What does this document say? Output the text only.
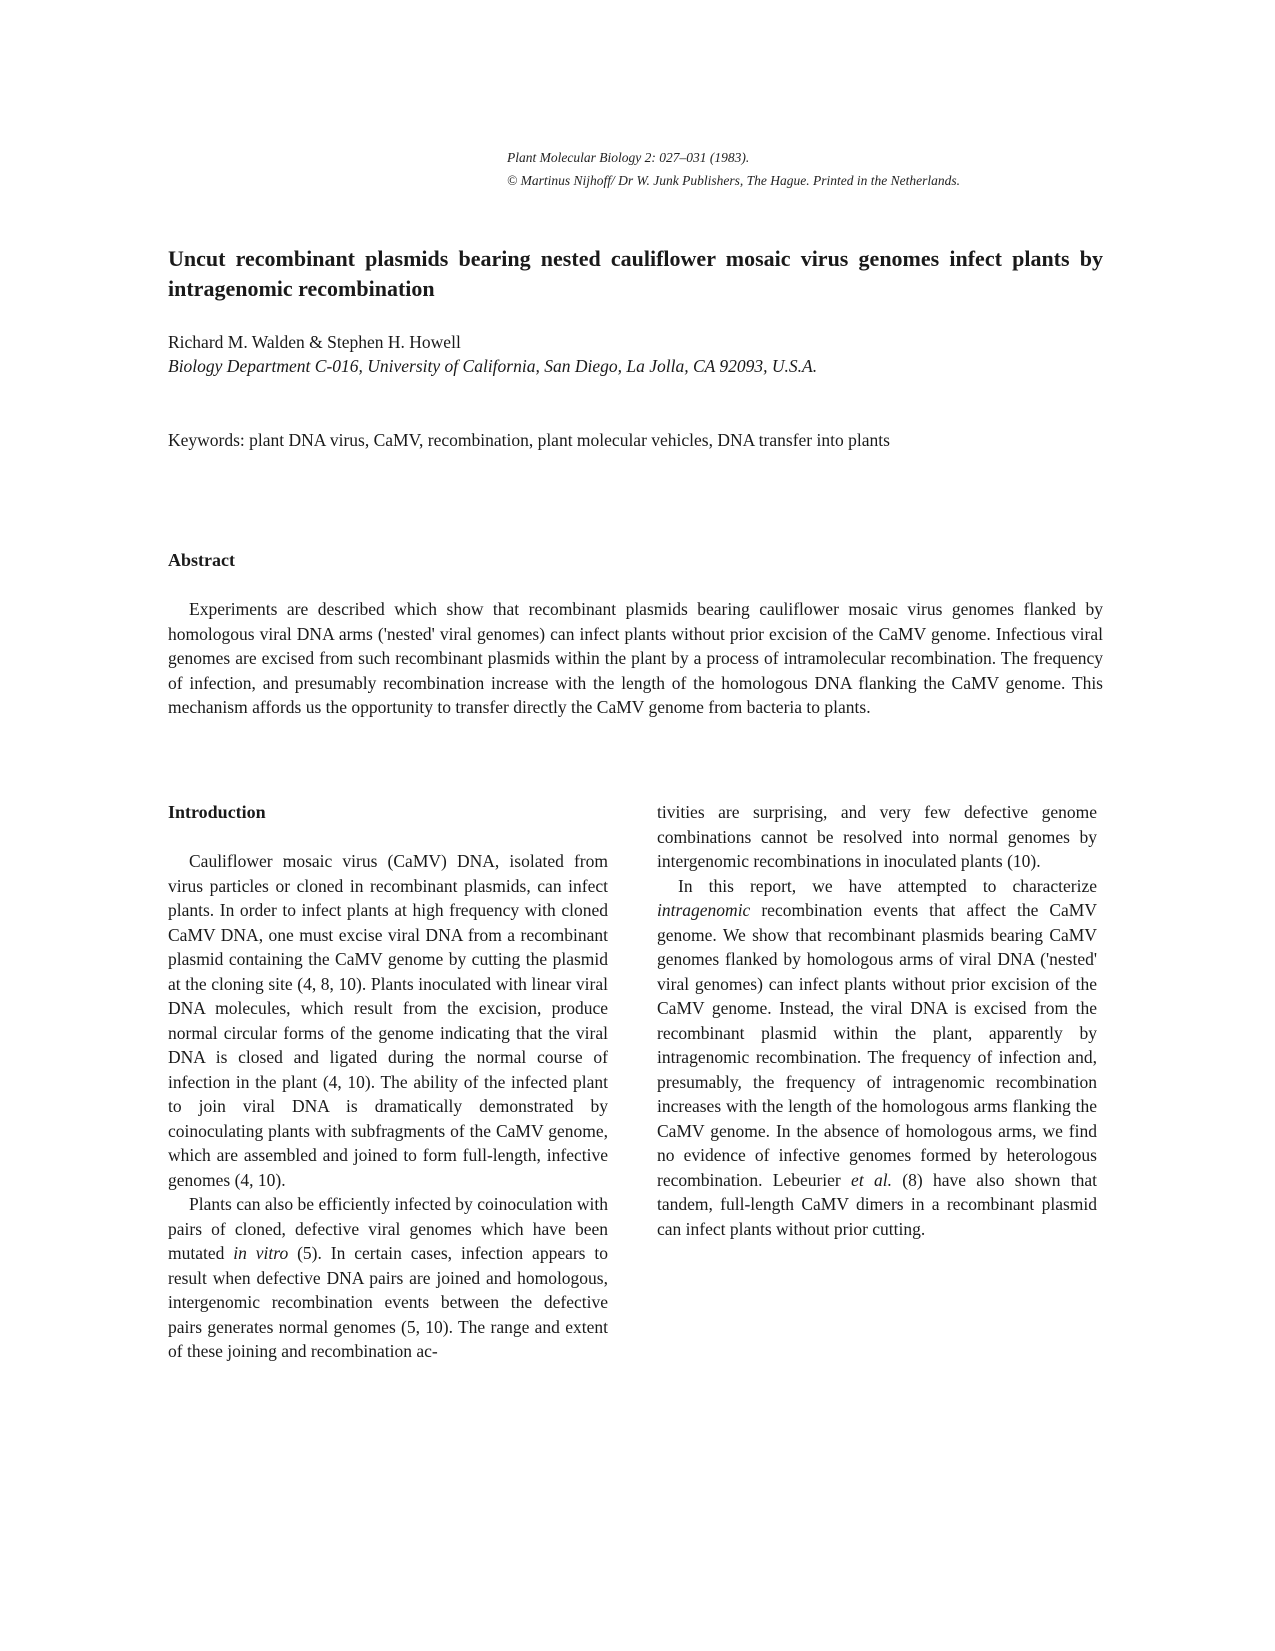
Plant Molecular Biology 2: 027–031 (1983).
© Martinus Nijhoff/ Dr W. Junk Publishers, The Hague. Printed in the Netherlands.
Uncut recombinant plasmids bearing nested cauliflower mosaic virus genomes infect plants by intragenomic recombination
Richard M. Walden & Stephen H. Howell
Biology Department C-016, University of California, San Diego, La Jolla, CA 92093, U.S.A.
Keywords: plant DNA virus, CaMV, recombination, plant molecular vehicles, DNA transfer into plants
Abstract

Experiments are described which show that recombinant plasmids bearing cauliflower mosaic virus genomes flanked by homologous viral DNA arms ('nested' viral genomes) can infect plants without prior excision of the CaMV genome. Infectious viral genomes are excised from such recombinant plasmids within the plant by a process of intramolecular recombination. The frequency of infection, and presumably recombination increase with the length of the homologous DNA flanking the CaMV genome. This mechanism affords us the opportunity to transfer directly the CaMV genome from bacteria to plants.

Introduction

Cauliflower mosaic virus (CaMV) DNA, isolated from virus particles or cloned in recombinant plasmids, can infect plants. In order to infect plants at high frequency with cloned CaMV DNA, one must excise viral DNA from a recombinant plasmid containing the CaMV genome by cutting the plasmid at the cloning site (4, 8, 10). Plants inoculated with linear viral DNA molecules, which result from the excision, produce normal circular forms of the genome indicating that the viral DNA is closed and ligated during the normal course of infection in the plant (4, 10). The ability of the infected plant to join viral DNA is dramatically demonstrated by coinoculating plants with subfragments of the CaMV genome, which are assembled and joined to form full-length, infective genomes (4, 10).

Plants can also be efficiently infected by coinoculation with pairs of cloned, defective viral genomes which have been mutated in vitro (5). In certain cases, infection appears to result when defective DNA pairs are joined and homologous, intergenomic recombination events between the defective pairs generates normal genomes (5, 10). The range and extent of these joining and recombination ac-

tivities are surprising, and very few defective genome combinations cannot be resolved into normal genomes by intergenomic recombinations in inoculated plants (10).

In this report, we have attempted to characterize intragenomic recombination events that affect the CaMV genome. We show that recombinant plasmids bearing CaMV genomes flanked by homologous arms of viral DNA ('nested' viral genomes) can infect plants without prior excision of the CaMV genome. Instead, the viral DNA is excised from the recombinant plasmid within the plant, apparently by intragenomic recombination. The frequency of infection and, presumably, the frequency of intragenomic recombination increases with the length of the homologous arms flanking the CaMV genome. In the absence of homologous arms, we find no evidence of infective genomes formed by heterologous recombination. Lebeurier et al. (8) have also shown that tandem, full-length CaMV dimers in a recombinant plasmid can infect plants without prior cutting.
